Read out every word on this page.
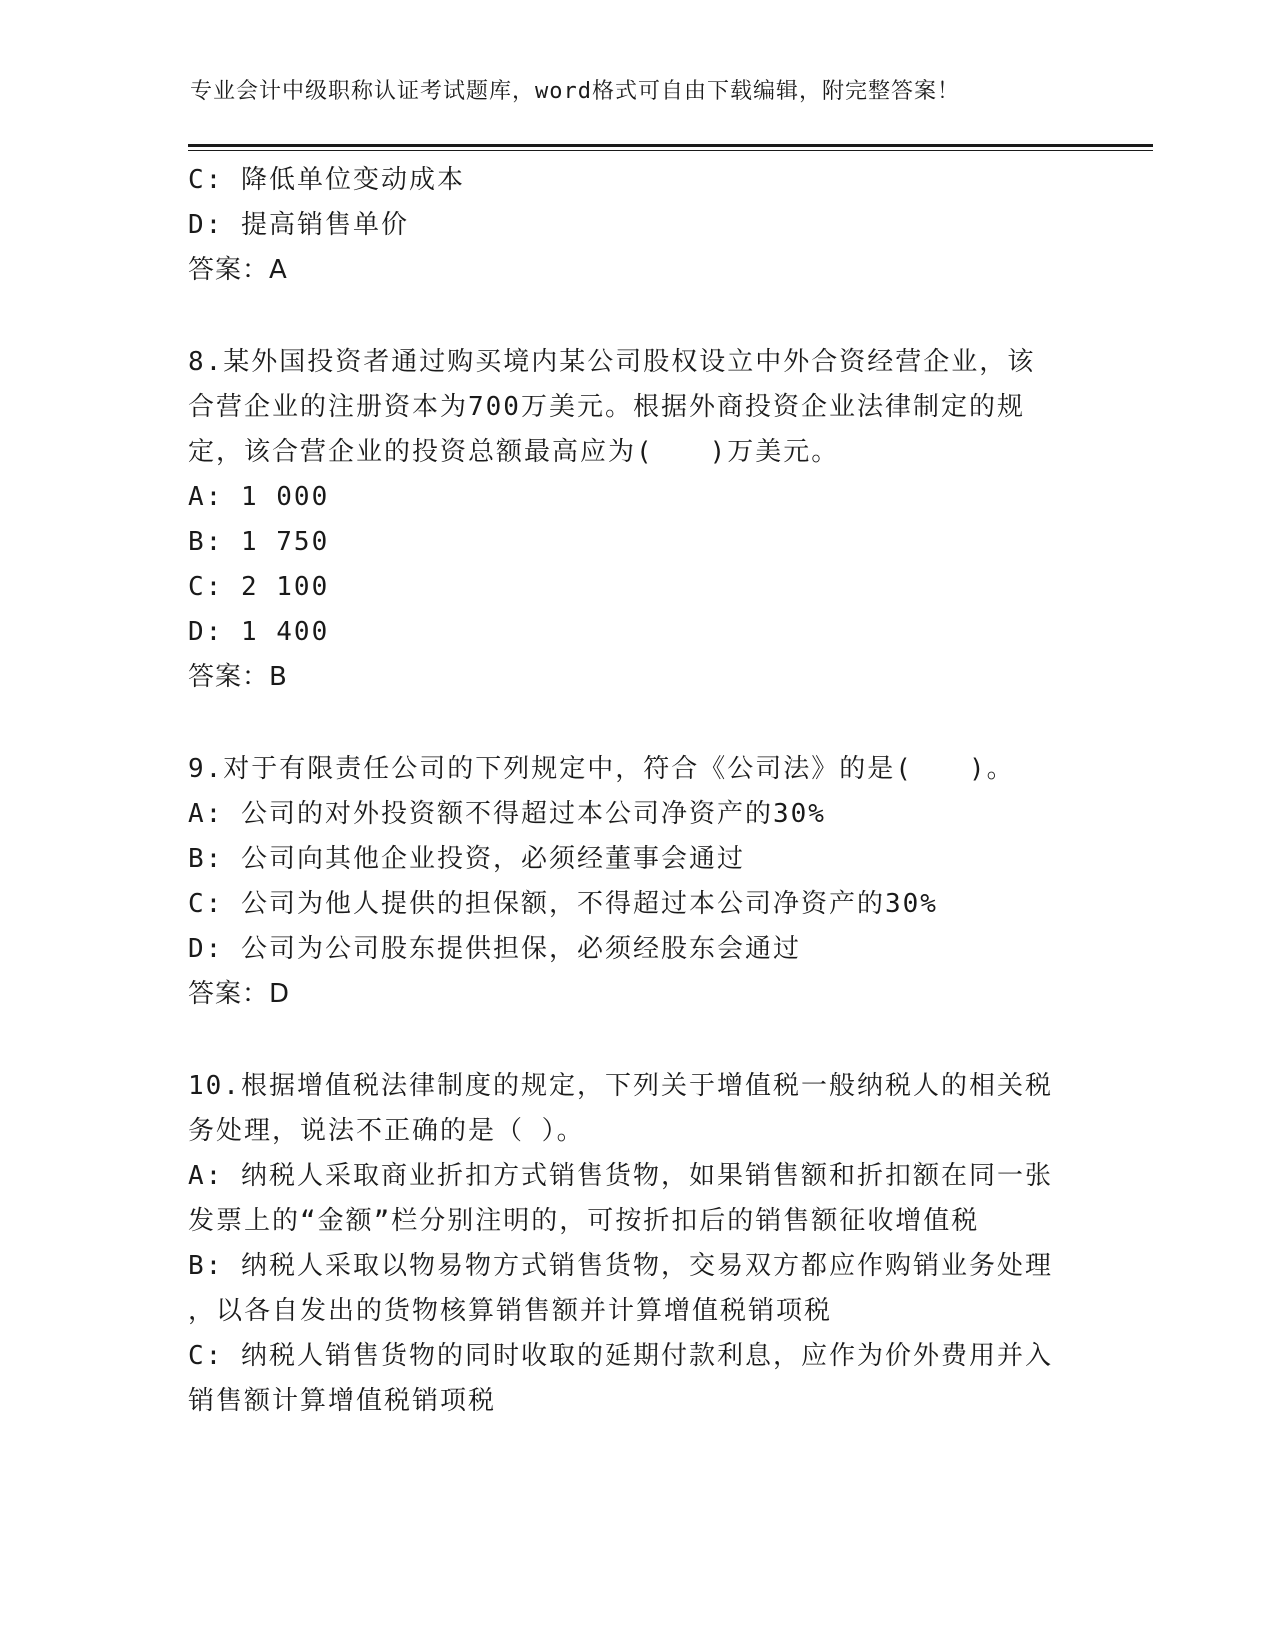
专业会计中级职称认证考试题库，word格式可自由下载编辑，附完整答案！
C: 降低单位变动成本
D: 提高销售单价
答案：A
8.某外国投资者通过购买境内某公司股权设立中外合资经营企业，该
合营企业的注册资本为700万美元。根据外商投资企业法律制定的规
定，该合营企业的投资总额最高应为(　　)万美元。
A: 1 000
B: 1 750
C: 2 100
D: 1 400
答案：B
9.对于有限责任公司的下列规定中，符合《公司法》的是(　　)。
A: 公司的对外投资额不得超过本公司净资产的30%
B: 公司向其他企业投资，必须经董事会通过
C: 公司为他人提供的担保额，不得超过本公司净资产的30%
D: 公司为公司股东提供担保，必须经股东会通过
答案：D
10.根据增值税法律制度的规定，下列关于增值税一般纳税人的相关税
务处理，说法不正确的是（ ）。
A: 纳税人采取商业折扣方式销售货物，如果销售额和折扣额在同一张
发票上的“金额”栏分别注明的，可按折扣后的销售额征收增值税
B: 纳税人采取以物易物方式销售货物，交易双方都应作购销业务处理
，以各自发出的货物核算销售额并计算增值税销项税
C: 纳税人销售货物的同时收取的延期付款利息，应作为价外费用并入
销售额计算增值税销项税
